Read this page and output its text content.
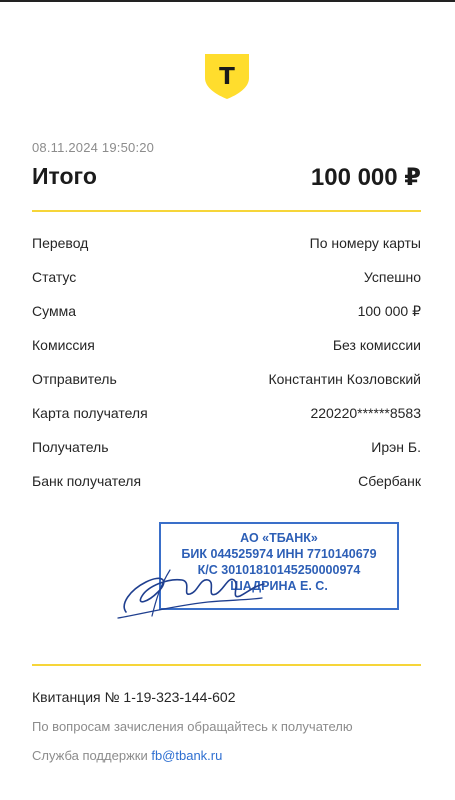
Т
08.11.2024 19:50:20
Итого	100 000 ₽
Перевод	По номеру карты
Статус	Успешно
Сумма	100 000 ₽
Комиссия	Без комиссии
Отправитель	Константин Козловский
Карта получателя	220220******8583
Получатель	Ирэн Б.
Банк получателя	Сбербанк
АО «ТБАНК»
БИК 044525974 ИНН 7710140679
К/С 30101810145250000974
ШАДРИНА Е. С.
Квитанция № 1-19-323-144-602
По вопросам зачисления обращайтесь к получателю
Служба поддержки fb@tbank.ru
